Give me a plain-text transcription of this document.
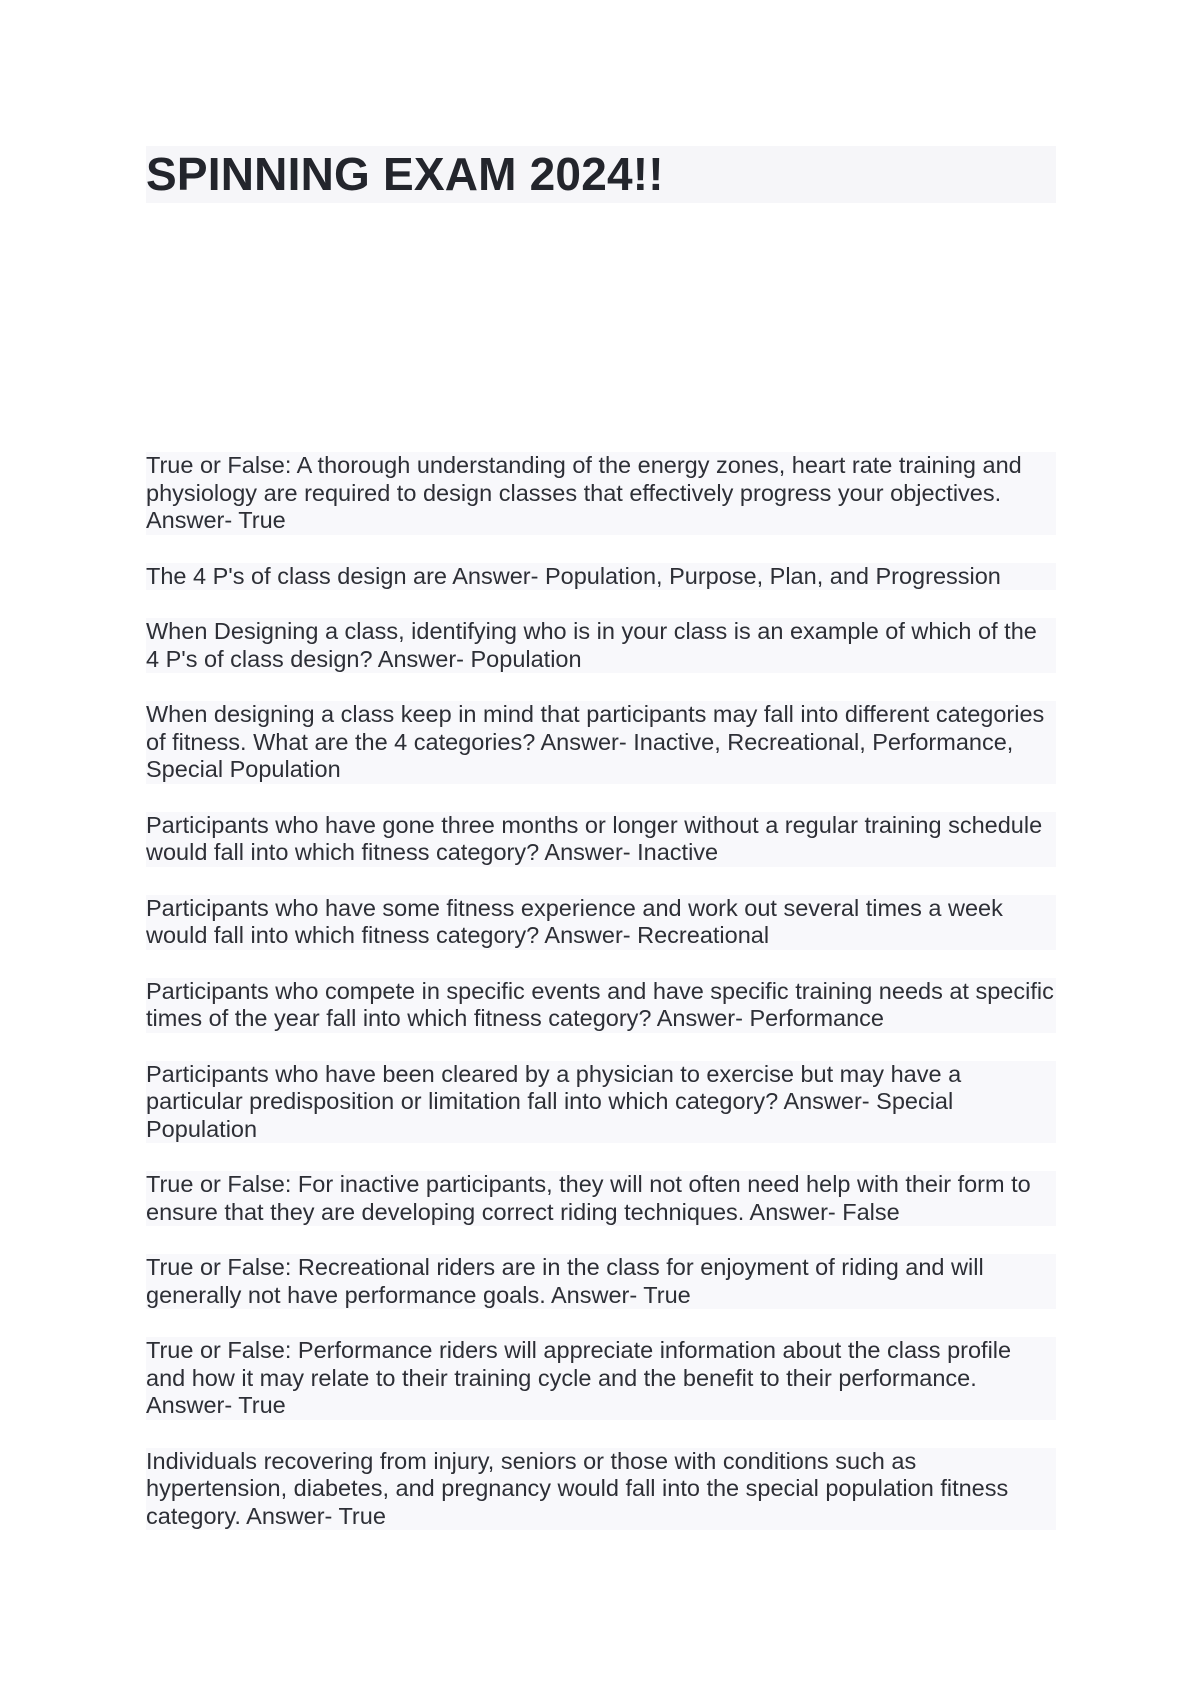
SPINNING EXAM 2024!!
True or False: A thorough understanding of the energy zones, heart rate training and physiology are required to design classes that effectively progress your objectives.
Answer- True
The 4 P's of class design are Answer- Population, Purpose, Plan, and Progression
When Designing a class, identifying who is in your class is an example of which of the 4 P's of class design? Answer- Population
When designing a class keep in mind that participants may fall into different categories of fitness. What are the 4 categories? Answer- Inactive, Recreational, Performance, Special Population
Participants who have gone three months or longer without a regular training schedule would fall into which fitness category? Answer- Inactive
Participants who have some fitness experience and work out several times a week would fall into which fitness category? Answer- Recreational
Participants who compete in specific events and have specific training needs at specific times of the year fall into which fitness category? Answer- Performance
Participants who have been cleared by a physician to exercise but may have a particular predisposition or limitation fall into which category? Answer- Special Population
True or False: For inactive participants, they will not often need help with their form to ensure that they are developing correct riding techniques. Answer- False
True or False: Recreational riders are in the class for enjoyment of riding and will generally not have performance goals. Answer- True
True or False: Performance riders will appreciate information about the class profile and how it may relate to their training cycle and the benefit to their performance.
Answer- True
Individuals recovering from injury, seniors or those with conditions such as hypertension, diabetes, and pregnancy would fall into the special population fitness category. Answer- True
